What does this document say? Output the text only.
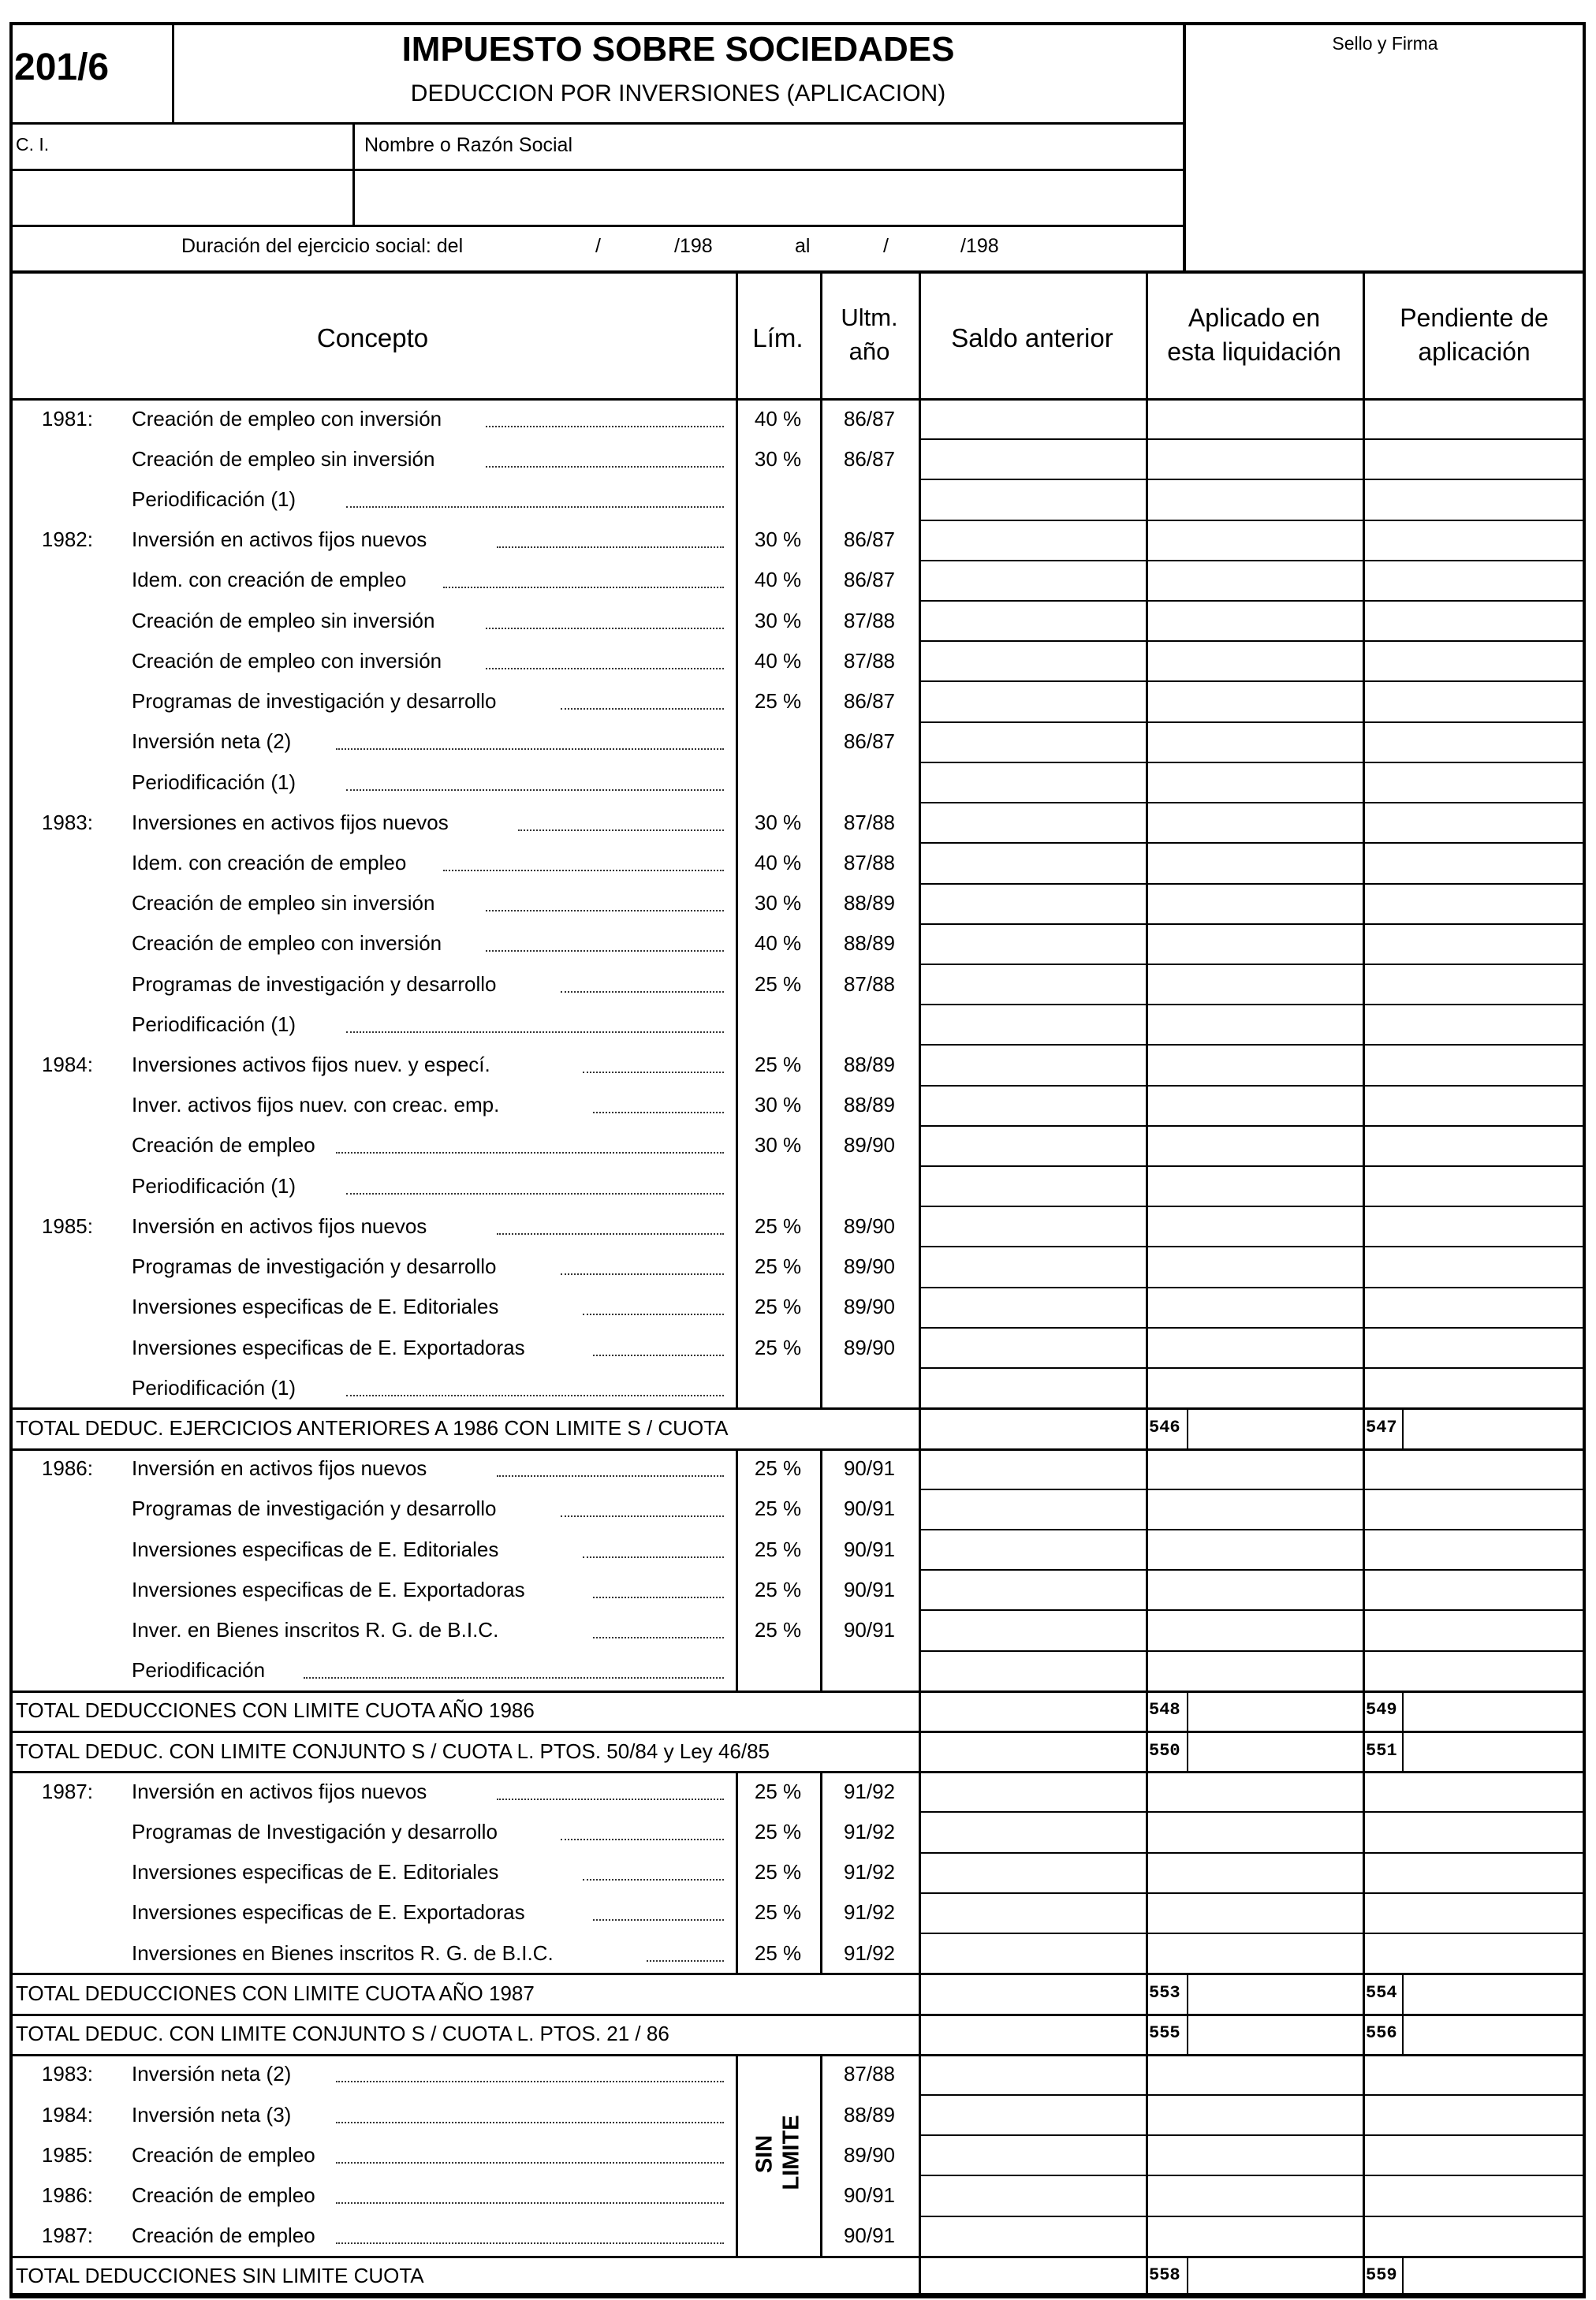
201/6	IMPUESTO SOBRE SOCIEDADES
DEDUCCION POR INVERSIONES (APLICACION)
Sello y Firma
C. I.	Nombre o Razón Social
Duración del ejercicio social: del	/	/198	al	/	/198
Concepto	Lím.
Ultm.
año	Saldo anterior
Aplicado en
esta liquidación
Pendiente de
aplicación
1981: Creación de empleo con inversión	40 %	86/87
Creación de empleo sin inversión	30 %	86/87
Periodificación (1)
1982: Inversión en activos fijos nuevos	30 %	86/87
Idem. con creación de empleo	40 %	86/87
Creación de empleo sin inversión	30 %	87/88
Creación de empleo con inversión	40 %	87/88
Programas de investigación y desarrollo	25 %	86/87
Inversión neta (2)	86/87
Periodificación (1)
1983: Inversiones en activos fijos nuevos	30 %	87/88
Idem. con creación de empleo	40 %	87/88
Creación de empleo sin inversión	30 %	88/89
Creación de empleo con inversión	40 %	88/89
Programas de investigación y desarrollo	25 %	87/88
Periodificación (1)
1984: Inversiones activos fijos nuev. y especí.	25 %	88/89
Inver. activos fijos nuev. con creac. emp.	30 %	88/89
Creación de empleo	30 %	89/90
Periodificación (1)
1985: Inversión en activos fijos nuevos	25 %	89/90
Programas de investigación y desarrollo	25 %	89/90
Inversiones especificas de E. Editoriales	25 %	89/90
Inversiones especificas de E. Exportadoras	25 %	89/90
Periodificación (1)
TOTAL DEDUC. EJERCICIOS ANTERIORES A 1986 CON LIMITE S / CUOTA	546	547
1986: Inversión en activos fijos nuevos	25 %	90/91
Programas de investigación y desarrollo	25 %	90/91
Inversiones especificas de E. Editoriales	25 %	90/91
Inversiones especificas de E. Exportadoras	25 %	90/91
Inver. en Bienes inscritos R. G. de B.I.C.	25 %	90/91
Periodificación
TOTAL DEDUCCIONES CON LIMITE CUOTA AÑO 1986	548	549
TOTAL DEDUC. CON LIMITE CONJUNTO S / CUOTA L. PTOS. 50/84 y Ley 46/85	550	551
1987: Inversión en activos fijos nuevos	25 %	91/92
Programas de Investigación y desarrollo	25 %	91/92
Inversiones especificas de E. Editoriales	25 %	91/92
Inversiones especificas de E. Exportadoras	25 %	91/92
Inversiones en Bienes inscritos R. G. de B.I.C.	25 %	91/92
TOTAL DEDUCCIONES CON LIMITE CUOTA AÑO 1987	553	554
TOTAL DEDUC. CON LIMITE CONJUNTO S / CUOTA L. PTOS. 21 / 86	555	556
1983: Inversión neta (2)	87/88
1984: Inversión neta (3)	88/89
1985: Creación de empleo	89/90
1986: Creación de empleo	90/91
1987: Creación de empleo	90/91
TOTAL DEDUCCIONES SIN LIMITE CUOTA	558	559
SIN LIMITE
